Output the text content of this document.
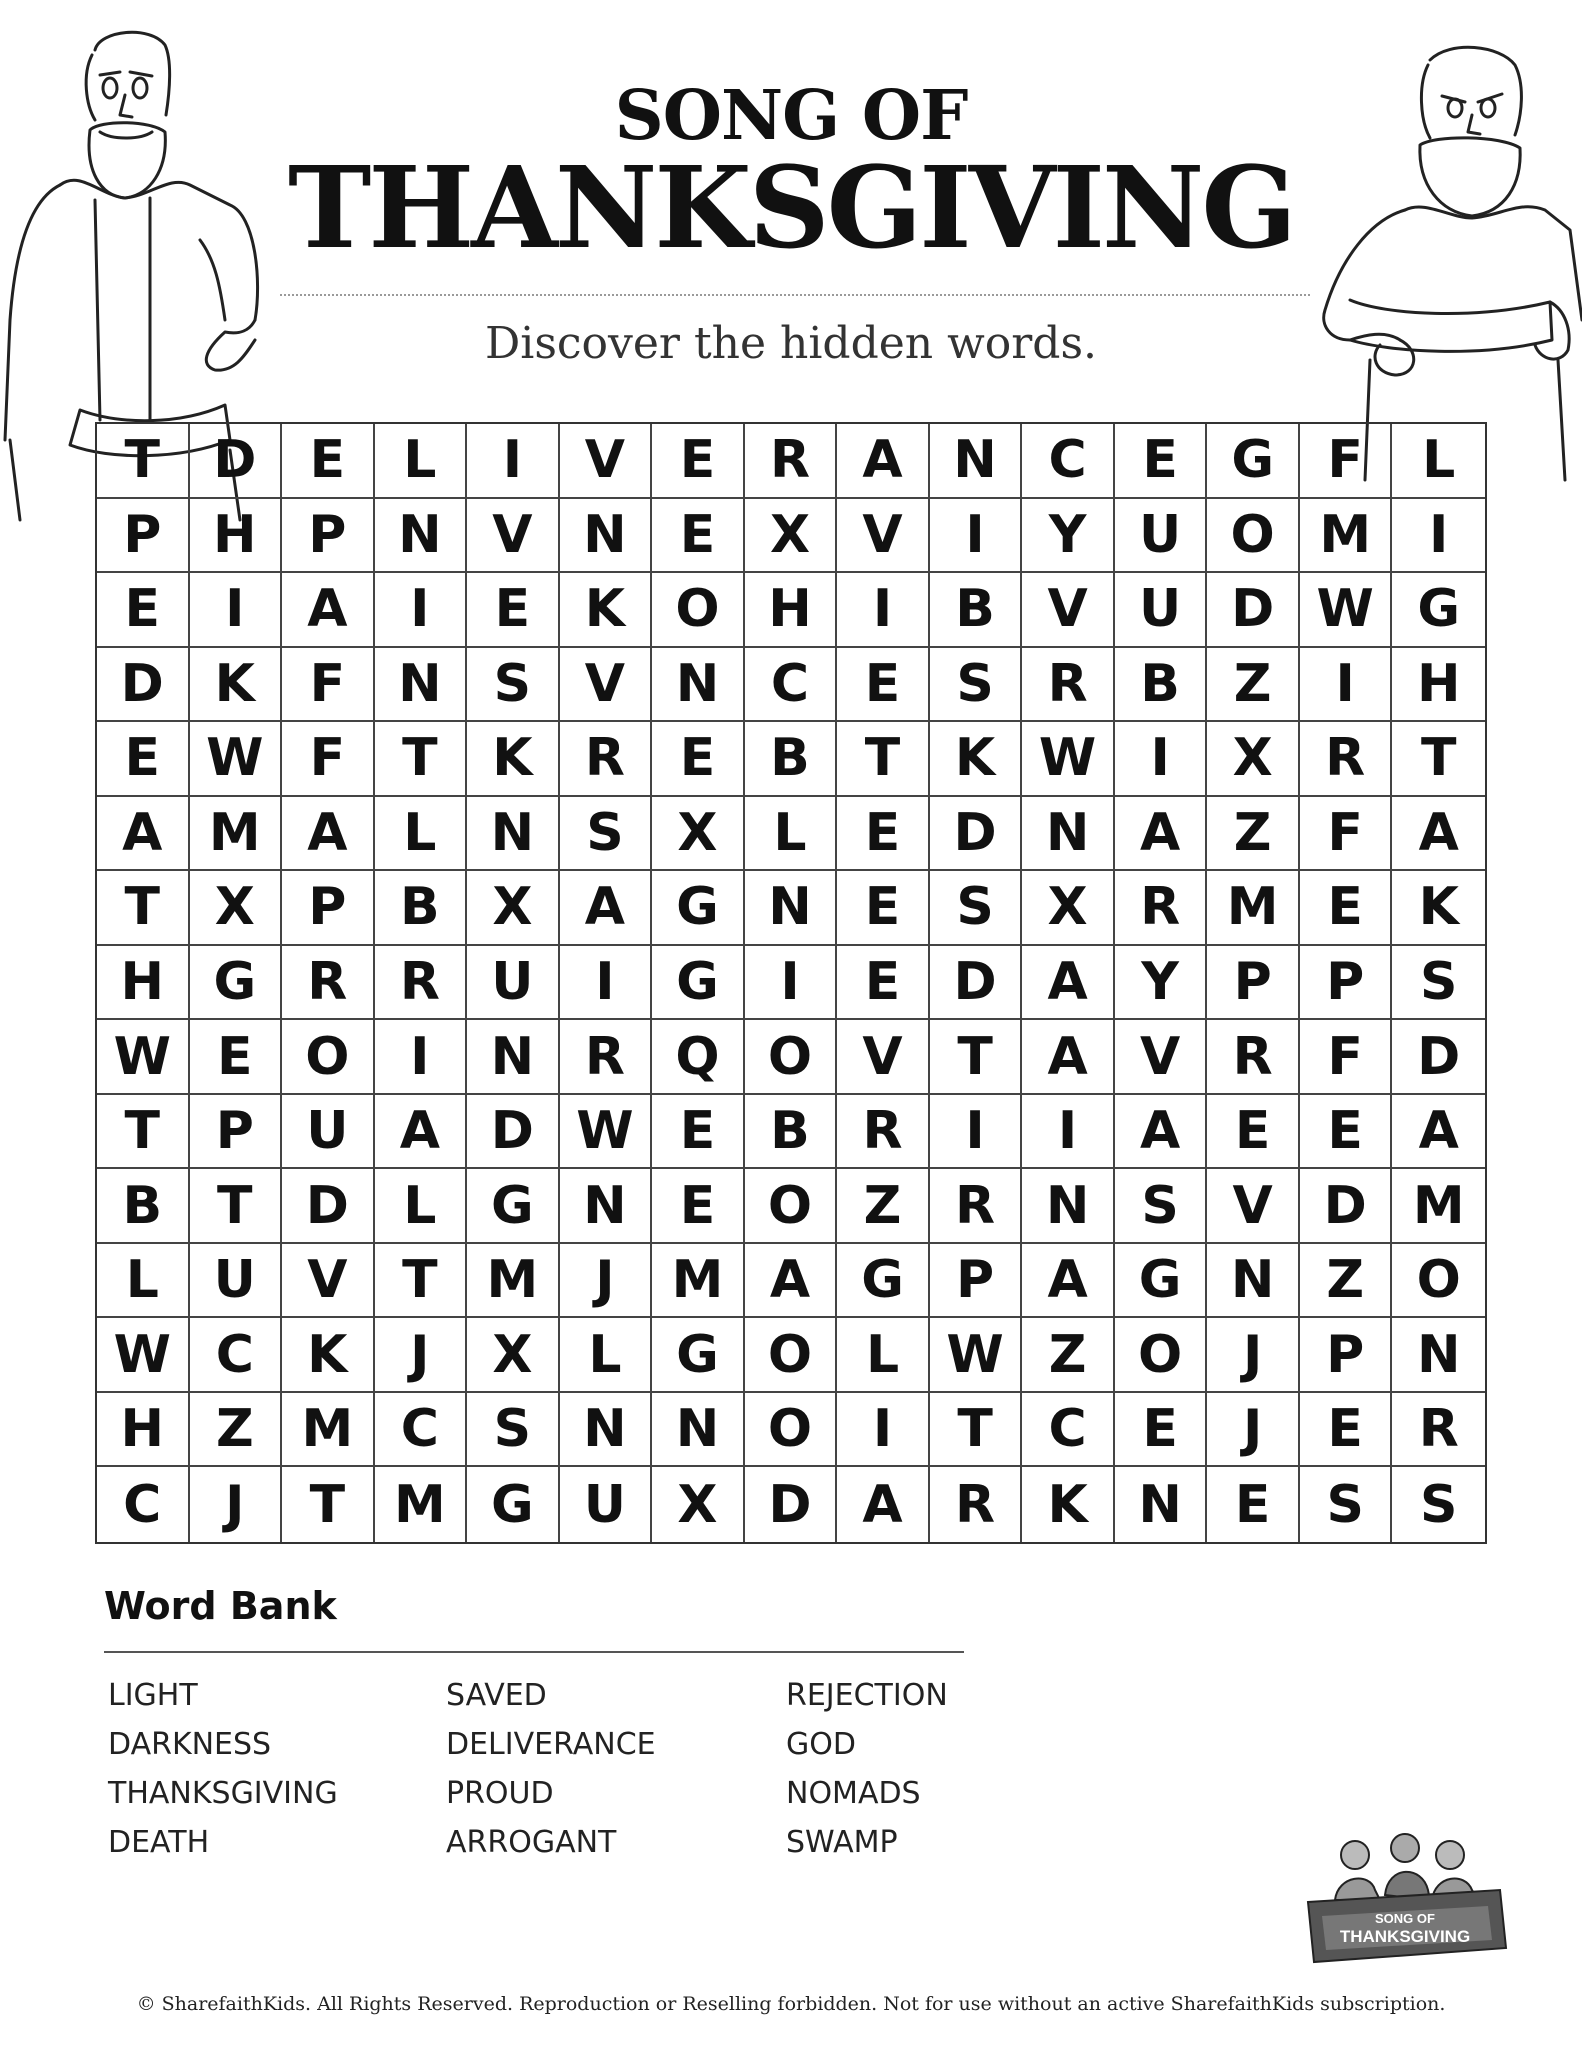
SONG OF
THANKSGIVING
Discover the hidden words.
T	D	E	L	I	V	E	R	A N C	E	G	F	L
P H P N V N	E	X	V	I	Y	U O M	I
E	I	A	I	E	K O H	I	B	V U D W G
D K	F	N	S	V N C	E	S	R	B	Z	I	H
E W F	T	K	R	E	B	T	K W	I	X	R	T
A M A	L	N	S	X	L	E	D N A	Z	F	A
T	X	P	B	X	A G N	E	S	X	R M E	K
H G R	R U	I	G	I	E	D A	Y	P	P	S
W E	O	I	N R Q O V	T	A	V	R	F	D
T	P	U A D W E	B	R	I	I	A	E	E	A
B	T	D	L	G N	E	O Z	R N	S	V D M
L	U V	T M	J	M A G	P	A G N Z	O
W C	K	J	X	L	G O	L W Z O	J	P	N
H Z M C	S	N N O	I	T	C	E	J	E	R
C	J	T M G U X D A	R	K N	E	S	S
Word Bank
LIGHT
DARKNESS
THANKSGIVING
DEATH
SAVED
DELIVERANCE
PROUD
ARROGANT
REJECTION
GOD
NOMADS
SWAMP
SONG OF
THANKSGIVING
© SharefaithKids. All Rights Reserved. Reproduction or Reselling forbidden. Not for use without an active SharefaithKids subscription.
